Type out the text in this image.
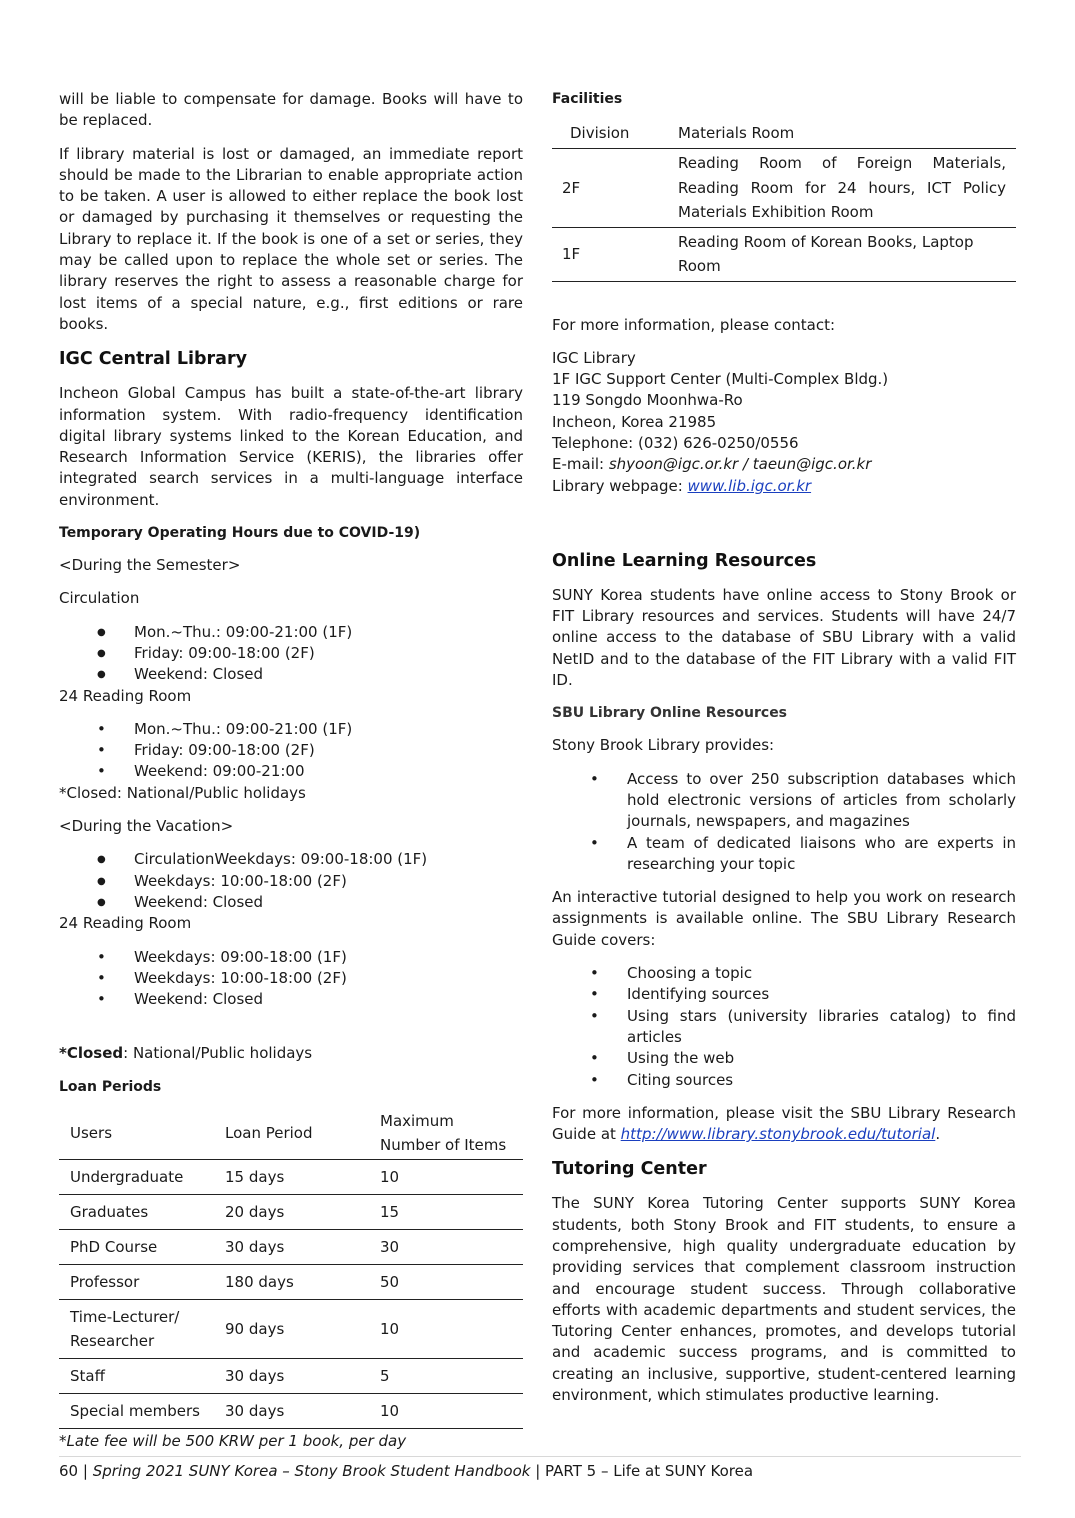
will be liable to compensate for damage. Books will have to be replaced.

If library material is lost or damaged, an immediate report should be made to the Librarian to enable appropriate action to be taken. A user is allowed to either replace the book lost or damaged by purchasing it themselves or requesting the Library to replace it. If the book is one of a set or series, they may be called upon to replace the whole set or series. The library reserves the right to assess a reasonable charge for lost items of a special nature, e.g., first editions or rare books.

IGC Central Library

Incheon Global Campus has built a state-of-the-art library information system. With radio-frequency identification digital library systems linked to the Korean Education, and Research Information Service (KERIS), the libraries offer integrated search services in a multi-language interface environment.

Temporary Operating Hours due to COVID-19)

<During the Semester>

Circulation

● Mon.~Thu.: 09:00-21:00 (1F)
● Friday: 09:00-18:00 (2F)
● Weekend: Closed

24 Reading Room

• Mon.~Thu.: 09:00-21:00 (1F)
• Friday: 09:00-18:00 (2F)
• Weekend: 09:00-21:00

*Closed: National/Public holidays

<During the Vacation>

● CirculationWeekdays: 09:00-18:00 (1F)
● Weekdays: 10:00-18:00 (2F)
● Weekend: Closed

24 Reading Room

• Weekdays: 09:00-18:00 (1F)
• Weekdays: 10:00-18:00 (2F)
• Weekend: Closed

*Closed: National/Public holidays

Loan Periods
Users	Loan Period	Maximum Number of Items
Undergraduate	15 days	10
Graduates	20 days	15
PhD Course	30 days	30
Professor	180 days	50
Time-Lecturer/ Researcher	90 days	10
Staff	30 days	5
Special members	30 days	10

*Late fee will be 500 KRW per 1 book, per day

Facilities
Division	Materials Room
2F	Reading Room of Foreign Materials, Reading Room for 24 hours, ICT Policy Materials Exhibition Room
1F	Reading Room of Korean Books, Laptop Room

For more information, please contact:

IGC Library

1F IGC Support Center (Multi-Complex Bldg.)

119 Songdo Moonhwa-Ro

Incheon, Korea 21985

Telephone: (032) 626-0250/0556

E-mail: shyoon@igc.or.kr / taeun@igc.or.kr

Library webpage: www.lib.igc.or.kr

Online Learning Resources

SUNY Korea students have online access to Stony Brook or FIT Library resources and services. Students will have 24/7 online access to the database of SBU Library with a valid NetID and to the database of the FIT Library with a valid FIT ID.

SBU Library Online Resources

Stony Brook Library provides:

• Access to over 250 subscription databases which hold electronic versions of articles from scholarly journals, newspapers, and magazines
• A team of dedicated liaisons who are experts in researching your topic

An interactive tutorial designed to help you work on research assignments is available online. The SBU Library Research Guide covers:

• Choosing a topic
• Identifying sources
• Using stars (university libraries catalog) to find articles
• Using the web
• Citing sources

For more information, please visit the SBU Library Research Guide at http://www.library.stonybrook.edu/tutorial.

Tutoring Center

The SUNY Korea Tutoring Center supports SUNY Korea students, both Stony Brook and FIT students, to ensure a comprehensive, high quality undergraduate education by providing services that complement classroom instruction and encourage student success. Through collaborative efforts with academic departments and student services, the Tutoring Center enhances, promotes, and develops tutorial and academic success programs, and is committed to creating an inclusive, supportive, student-centered learning environment, which stimulates productive learning.

60 | Spring 2021 SUNY Korea – Stony Brook Student Handbook | PART 5 – Life at SUNY Korea
